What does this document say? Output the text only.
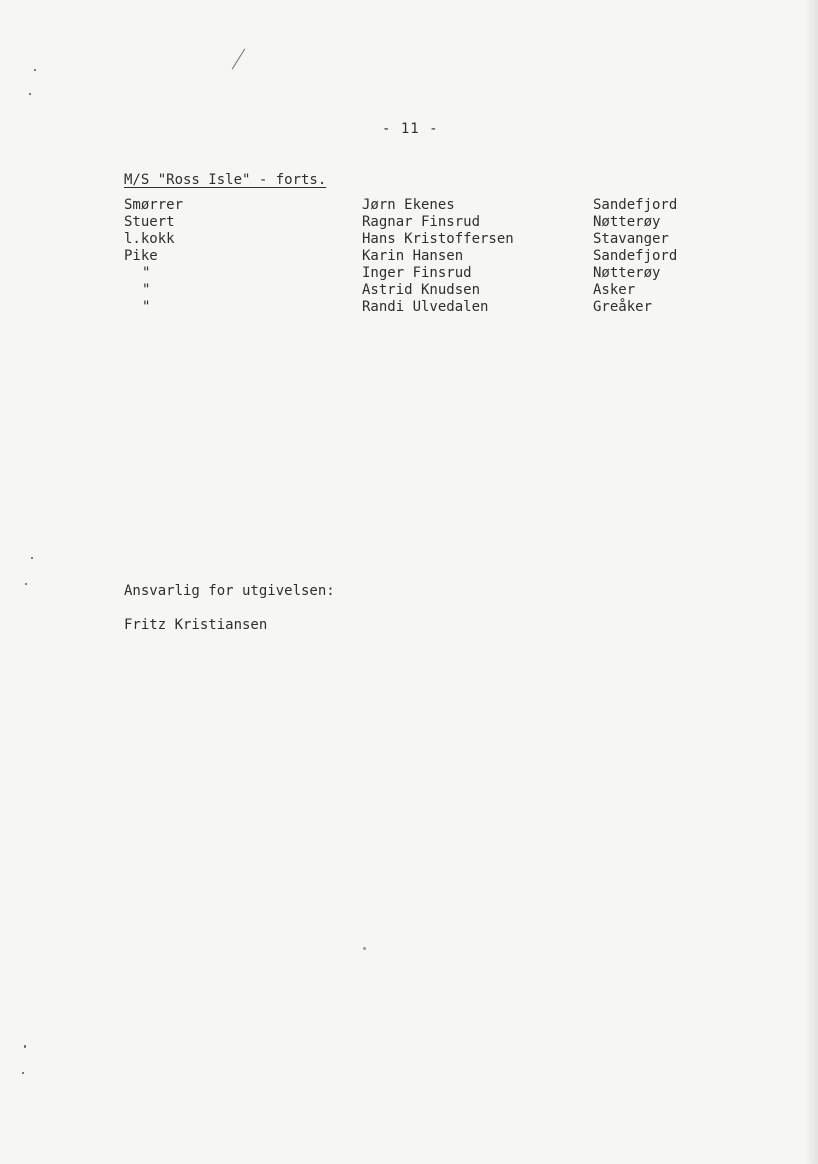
- 11 -
M/S "Ross Isle" - forts.
Smørrer	Jørn Ekenes	Sandefjord
Stuert	Ragnar Finsrud	Nøtterøy
l.kokk	Hans Kristoffersen	Stavanger
Pike	Karin Hansen	Sandefjord
"	Inger Finsrud	Nøtterøy
"	Astrid Knudsen	Asker
"	Randi Ulvedalen	Greåker
Ansvarlig for utgivelsen:
Fritz Kristiansen
